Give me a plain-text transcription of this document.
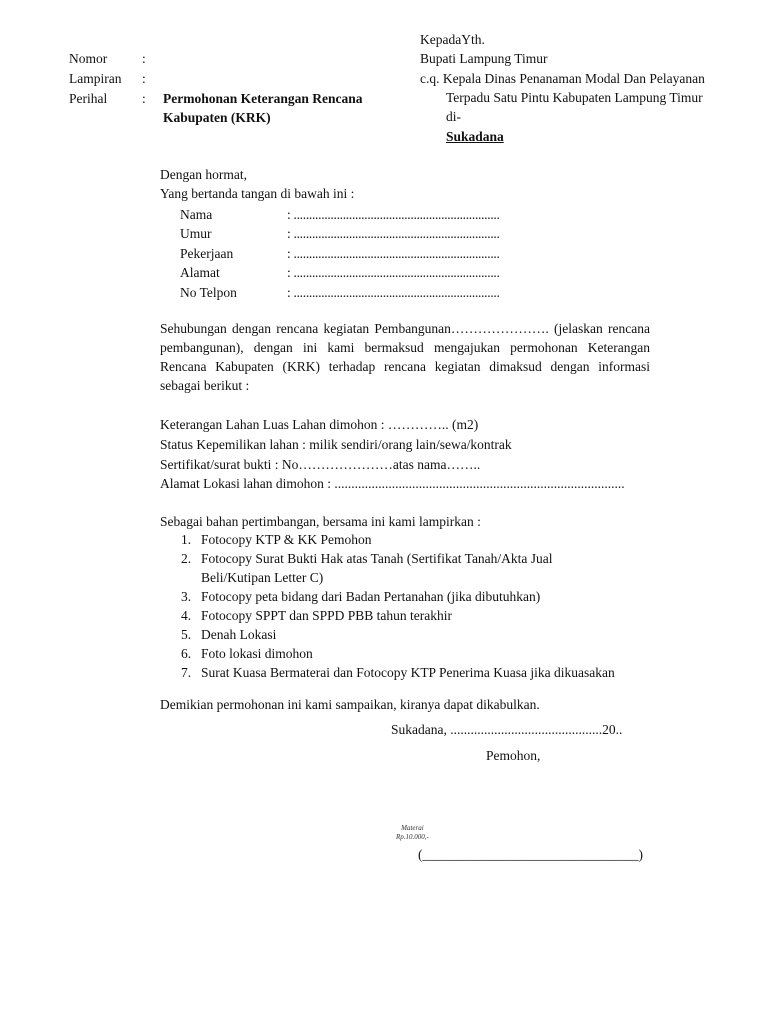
Nomor	:
Lampiran :
Perihal	: Permohonan Keterangan Rencana
Kabupaten (KRK)
KepadaYth.
Bupati Lampung Timur
c.q. Kepala Dinas Penanaman Modal Dan Pelayanan
Terpadu Satu Pintu Kabupaten Lampung Timur
di-
Sukadana
Dengan hormat,
Yang bertanda tangan di bawah ini :
Nama	: ...................................................................
Umur	: ...................................................................
Pekerjaan	: ...................................................................
Alamat	: ...................................................................
No Telpon	: ...................................................................
Sehubungan dengan rencana kegiatan Pembangunan…………………. (jelaskan rencana pembangunan), dengan ini kami bermaksud mengajukan permohonan Keterangan Rencana Kabupaten (KRK) terhadap rencana kegiatan dimaksud dengan informasi sebagai berikut :
Keterangan Lahan Luas Lahan dimohon : ………….. (m2)
Status Kepemilikan lahan : milik sendiri/orang lain/sewa/kontrak
Sertifikat/surat bukti : No…………………atas nama……..
Alamat Lokasi lahan dimohon : ......................................................................................
Sebagai bahan pertimbangan, bersama ini kami lampirkan :
1. Fotocopy KTP & KK Pemohon
2. Fotocopy Surat Bukti Hak atas Tanah (Sertifikat Tanah/Akta Jual Beli/Kutipan Letter C)
3. Fotocopy peta bidang dari Badan Pertanahan (jika dibutuhkan)
4. Fotocopy SPPT dan SPPD PBB tahun terakhir
5. Denah Lokasi
6. Foto lokasi dimohon
7. Surat Kuasa Bermaterai dan Fotocopy KTP Penerima Kuasa jika dikuasakan
Demikian permohonan ini kami sampaikan, kiranya dapat dikabulkan.
Sukadana, .............................................20..
Pemohon,
Materai
Rp.10.000,-
(________________________________)
